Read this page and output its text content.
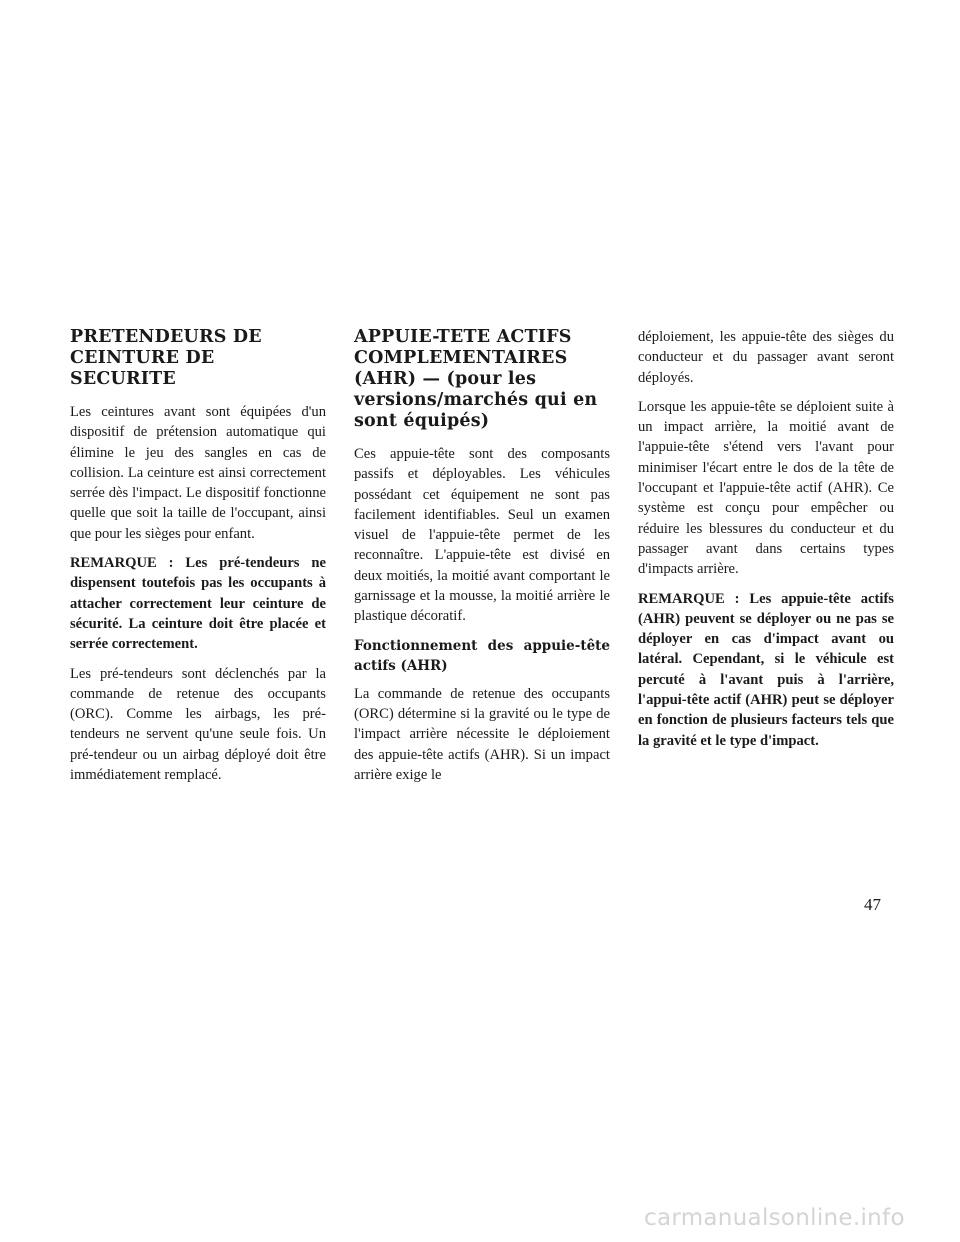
PRETENDEURS DE CEINTURE DE SECURITE

Les ceintures avant sont équipées d'un dispositif de prétension automatique qui élimine le jeu des sangles en cas de collision. La ceinture est ainsi correctement serrée dès l'impact. Le dispositif fonctionne quelle que soit la taille de l'occupant, ainsi que pour les sièges pour enfant.

REMARQUE : Les pré-tendeurs ne dispensent toutefois pas les occupants à attacher correctement leur ceinture de sécurité. La ceinture doit être placée et serrée correctement.

Les pré-tendeurs sont déclenchés par la commande de retenue des occupants (ORC). Comme les airbags, les pré-tendeurs ne servent qu'une seule fois. Un pré-tendeur ou un airbag déployé doit être immédiatement remplacé.

APPUIE-TETE ACTIFS COMPLEMENTAIRES (AHR) — (pour les versions/marchés qui en sont équipés)

Ces appuie-tête sont des composants passifs et déployables. Les véhicules possédant cet équipement ne sont pas facilement identifiables. Seul un examen visuel de l'appuie-tête permet de les reconnaître. L'appuie-tête est divisé en deux moitiés, la moitié avant comportant le garnissage et la mousse, la moitié arrière le plastique décoratif.

Fonctionnement des appuie-tête actifs (AHR)

La commande de retenue des occupants (ORC) détermine si la gravité ou le type de l'impact arrière nécessite le déploiement des appuie-tête actifs (AHR). Si un impact arrière exige le

déploiement, les appuie-tête des sièges du conducteur et du passager avant seront déployés.

Lorsque les appuie-tête se déploient suite à un impact arrière, la moitié avant de l'appuie-tête s'étend vers l'avant pour minimiser l'écart entre le dos de la tête de l'occupant et l'appuie-tête actif (AHR). Ce système est conçu pour empêcher ou réduire les blessures du conducteur et du passager avant dans certains types d'impacts arrière.

REMARQUE : Les appuie-tête actifs (AHR) peuvent se déployer ou ne pas se déployer en cas d'impact avant ou latéral. Cependant, si le véhicule est percuté à l'avant puis à l'arrière, l'appui-tête actif (AHR) peut se déployer en fonction de plusieurs facteurs tels que la gravité et le type d'impact.

47
carmanualsonline.info
